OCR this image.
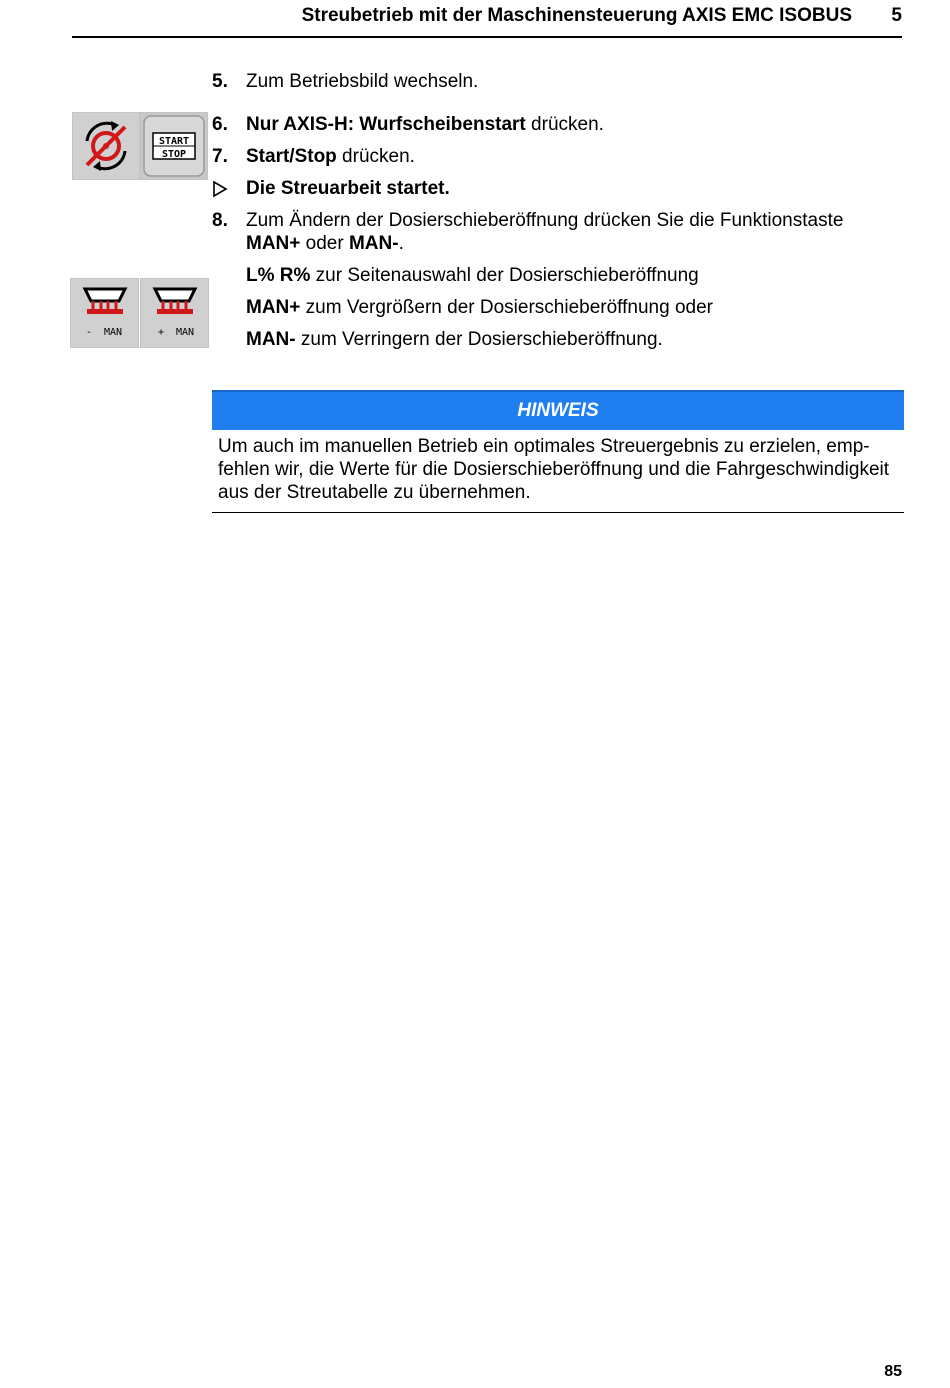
Streubetrieb mit der Maschinensteuerung AXIS EMC ISOBUS 5
5. Zum Betriebsbild wechseln.
START
STOP
6. Nur AXIS-H: Wurfscheibenstart drücken.
7. Start/Stop drücken.
Die Streuarbeit startet.
8. Zum Ändern der Dosierschieberöffnung drücken Sie die Funktionstaste
MAN+ oder MAN-.
L% R% zur Seitenauswahl der Dosierschieberöffnung
MAN+ zum Vergrößern der Dosierschieberöffnung oder
MAN- zum Verringern der Dosierschieberöffnung.
-  MAN	+  MAN
HINWEIS
Um auch im manuellen Betrieb ein optimales Streuergebnis zu erzielen, emp-
fehlen wir, die Werte für die Dosierschieberöffnung und die Fahrgeschwindigkeit
aus der Streutabelle zu übernehmen.
85
